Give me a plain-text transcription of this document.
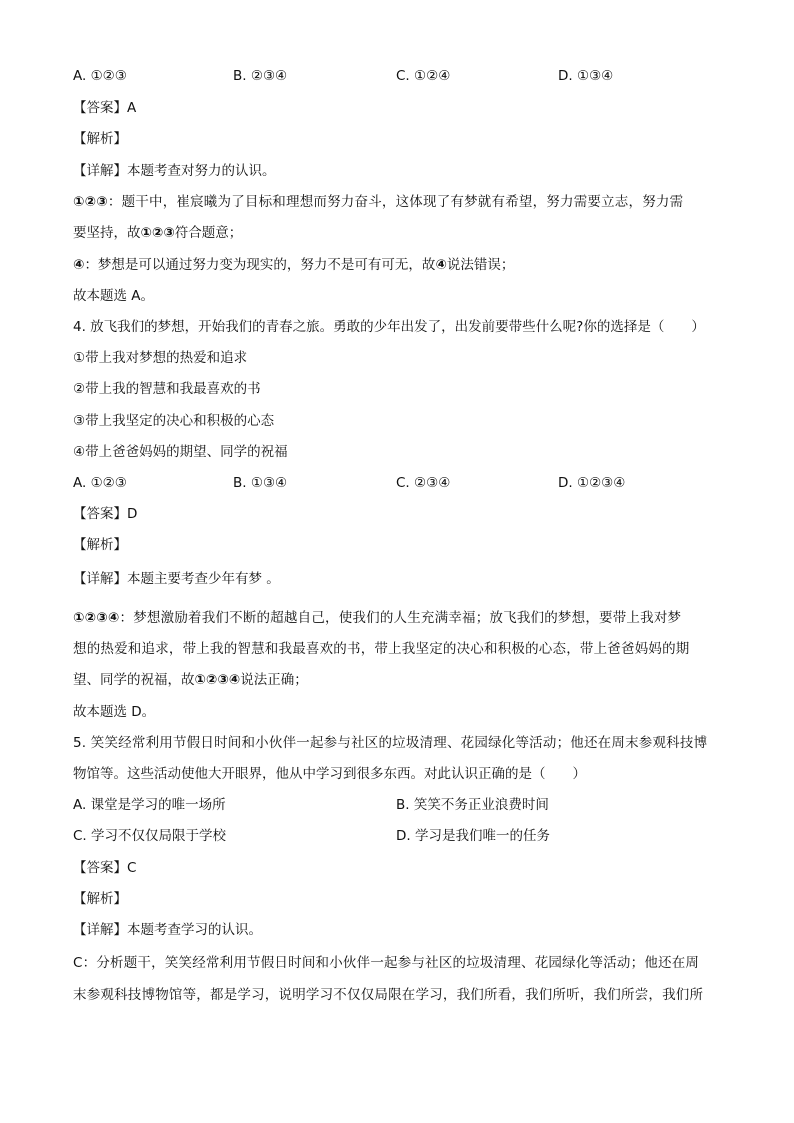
A. ①②③	B. ②③④	C. ①②④	D. ①③④
【答案】A
【解析】
【详解】本题考查对努力的认识。
①②③：题干中，崔宸曦为了目标和理想而努力奋斗，这体现了有梦就有希望，努力需要立志，努力需
要坚持，故①②③符合题意；
④：梦想是可以通过努力变为现实的，努力不是可有可无，故④说法错误；
故本题选 A。
4. 放飞我们的梦想，开始我们的青春之旅。勇敢的少年出发了，出发前要带些什么呢?你的选择是（　　）
①带上我对梦想的热爱和追求
②带上我的智慧和我最喜欢的书
③带上我坚定的决心和积极的心态
④带上爸爸妈妈的期望、同学的祝福
A. ①②③	B. ①③④	C. ②③④	D. ①②③④
【答案】D
【解析】
【详解】本题主要考查少年有梦 。
①②③④：梦想激励着我们不断的超越自己，使我们的人生充满幸福；放飞我们的梦想，要带上我对梦
想的热爱和追求，带上我的智慧和我最喜欢的书，带上我坚定的决心和积极的心态，带上爸爸妈妈的期
望、同学的祝福，故①②③④说法正确；
故本题选 D。
5. 笑笑经常利用节假日时间和小伙伴一起参与社区的垃圾清理、花园绿化等活动；他还在周末参观科技博
物馆等。这些活动使他大开眼界，他从中学习到很多东西。对此认识正确的是（　　）
A. 课堂是学习的唯一场所	B. 笑笑不务正业浪费时间
C. 学习不仅仅局限于学校	D. 学习是我们唯一的任务
【答案】C
【解析】
【详解】本题考查学习的认识。
C：分析题干，笑笑经常利用节假日时间和小伙伴一起参与社区的垃圾清理、花园绿化等活动；他还在周
末参观科技博物馆等，都是学习，说明学习不仅仅局限在学习，我们所看，我们所听，我们所尝，我们所
